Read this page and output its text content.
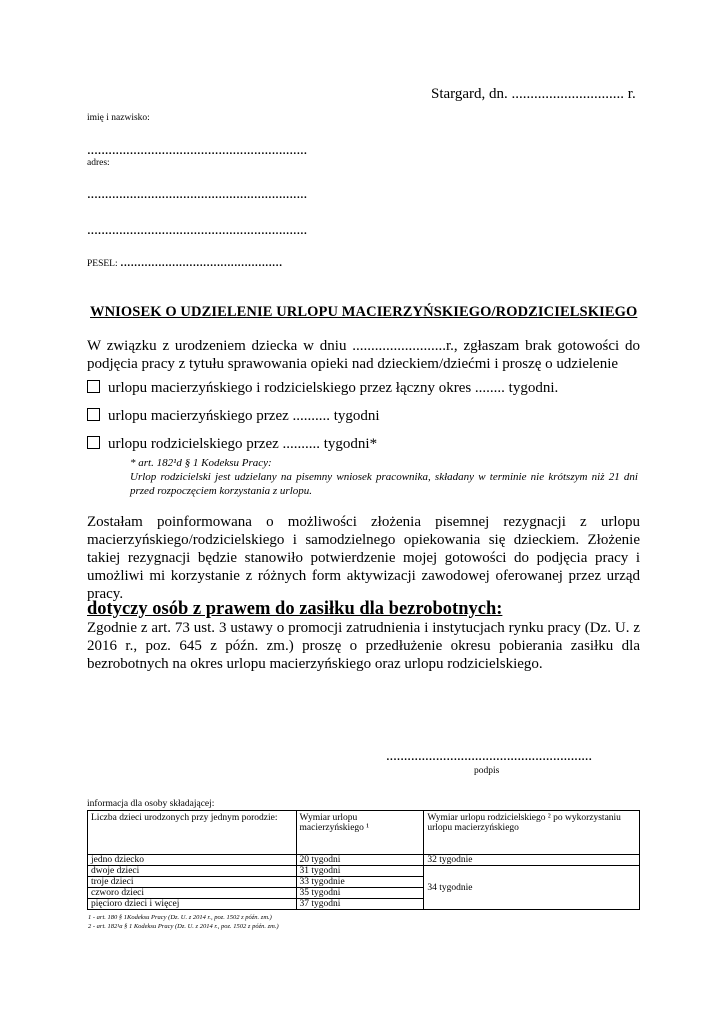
Stargard, dn. .............................. r.
imię i nazwisko:
..............................................................
adres:
..............................................................
..............................................................
PESEL: ...............................................
WNIOSEK O UDZIELENIE URLOPU MACIERZYŃSKIEGO/RODZICIELSKIEGO
W związku z urodzeniem dziecka w dniu .........................r., zgłaszam brak gotowości do podjęcia pracy z tytułu sprawowania opieki nad dzieckiem/dziećmi i proszę o udzielenie
urlopu macierzyńskiego i rodzicielskiego przez łączny okres ........ tygodni.
urlopu macierzyńskiego przez .......... tygodni
urlopu rodzicielskiego przez .......... tygodni*
* art. 182¹d § 1 Kodeksu Pracy:
Urlop rodzicielski jest udzielany na pisemny wniosek pracownika, składany w terminie nie krótszym niż 21 dni przed rozpoczęciem korzystania z urlopu.
Zostałam poinformowana o możliwości złożenia pisemnej rezygnacji z urlopu macierzyńskiego/rodzicielskiego i samodzielnego opiekowania się dzieckiem. Złożenie takiej rezygnacji będzie stanowiło potwierdzenie mojej gotowości do podjęcia pracy i umożliwi mi korzystanie z różnych form aktywizacji zawodowej oferowanej przez urząd pracy.
dotyczy osób z prawem do zasiłku dla bezrobotnych:
Zgodnie z art. 73 ust. 3 ustawy o promocji zatrudnienia i instytucjach rynku pracy (Dz. U. z 2016 r., poz. 645 z późn. zm.) proszę o przedłużenie okresu pobierania zasiłku dla bezrobotnych na okres urlopu macierzyńskiego oraz urlopu rodzicielskiego.
..........................................................
podpis
informacja dla osoby składającej:
Liczba dzieci urodzonych przy jednym porodzie:	Wymiar urlopu macierzyńskiego ¹	Wymiar urlopu rodzicielskiego ² po wykorzystaniu urlopu macierzyńskiego
jedno dziecko	20 tygodni	32 tygodnie
dwoje dzieci	31 tygodni	34 tygodnie
troje dzieci	33 tygodnie	
czworo dzieci	35 tygodni	
pięcioro dzieci i więcej	37 tygodni	
1 - art. 180 § 1Kodeksu Pracy (Dz. U. z 2014 r., poz. 1502 z późn. zm.)
2 - art. 182¹a § 1 Kodeksu Pracy (Dz. U. z 2014 r., poz. 1502 z późn. zm.)
